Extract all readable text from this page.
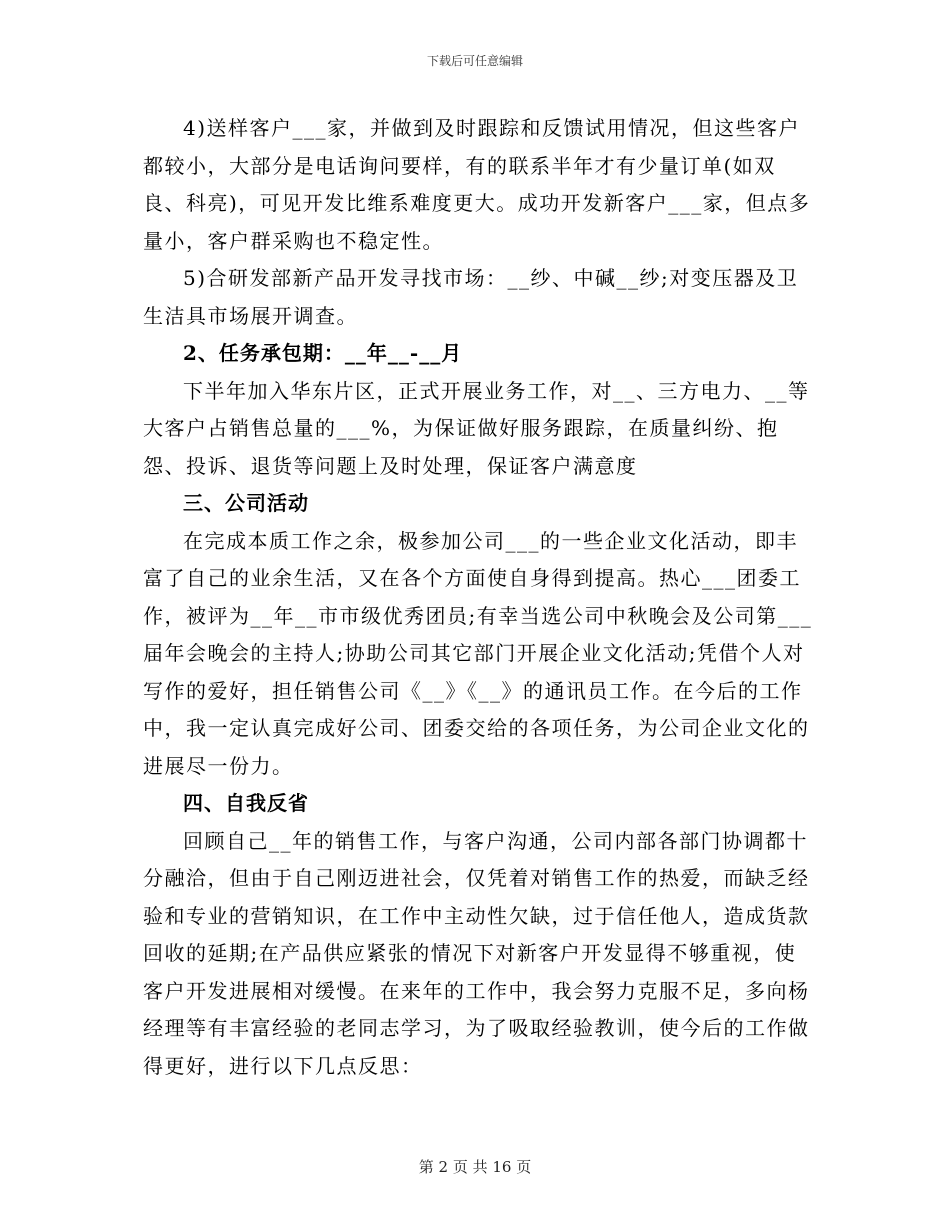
下载后可任意编辑

4)送样客户___家，并做到及时跟踪和反馈试用情况，但这些客户都较小，大部分是电话询问要样，有的联系半年才有少量订单(如双良、科亮)，可见开发比维系难度更大。成功开发新客户___家，但点多量小，客户群采购也不稳定性。

5)合研发部新产品开发寻找市场：__纱、中碱__纱;对变压器及卫生洁具市场展开调查。

2、任务承包期：__年__-__月

下半年加入华东片区，正式开展业务工作，对__、三方电力、__等大客户占销售总量的___%，为保证做好服务跟踪，在质量纠纷、抱怨、投诉、退货等问题上及时处理，保证客户满意度

三、公司活动

在完成本质工作之余，极参加公司___的一些企业文化活动，即丰富了自己的业余生活，又在各个方面使自身得到提高。热心___团委工作，被评为__年__市市级优秀团员;有幸当选公司中秋晚会及公司第___届年会晚会的主持人;协助公司其它部门开展企业文化活动;凭借个人对写作的爱好，担任销售公司《__》《__》的通讯员工作。在今后的工作中，我一定认真完成好公司、团委交给的各项任务，为公司企业文化的进展尽一份力。

四、自我反省

回顾自己__年的销售工作，与客户沟通，公司内部各部门协调都十分融洽，但由于自己刚迈进社会，仅凭着对销售工作的热爱，而缺乏经验和专业的营销知识，在工作中主动性欠缺，过于信任他人，造成货款回收的延期;在产品供应紧张的情况下对新客户开发显得不够重视，使客户开发进展相对缓慢。在来年的工作中，我会努力克服不足，多向杨经理等有丰富经验的老同志学习，为了吸取经验教训，使今后的工作做得更好，进行以下几点反思：

第 2 页 共 16 页
